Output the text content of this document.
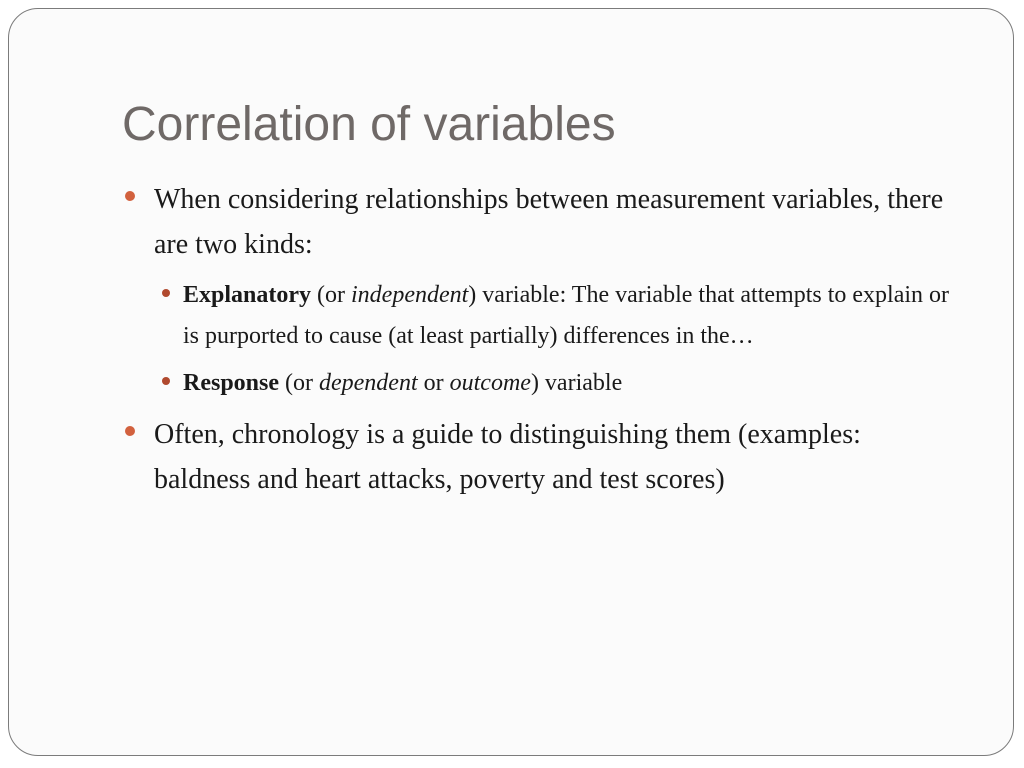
Correlation of variables
When considering relationships between measurement variables, there are two kinds:
Explanatory (or independent) variable: The variable that attempts to explain or is purported to cause (at least partially) differences in the…
Response (or dependent or outcome) variable
Often, chronology is a guide to distinguishing them (examples: baldness and heart attacks, poverty and test scores)
